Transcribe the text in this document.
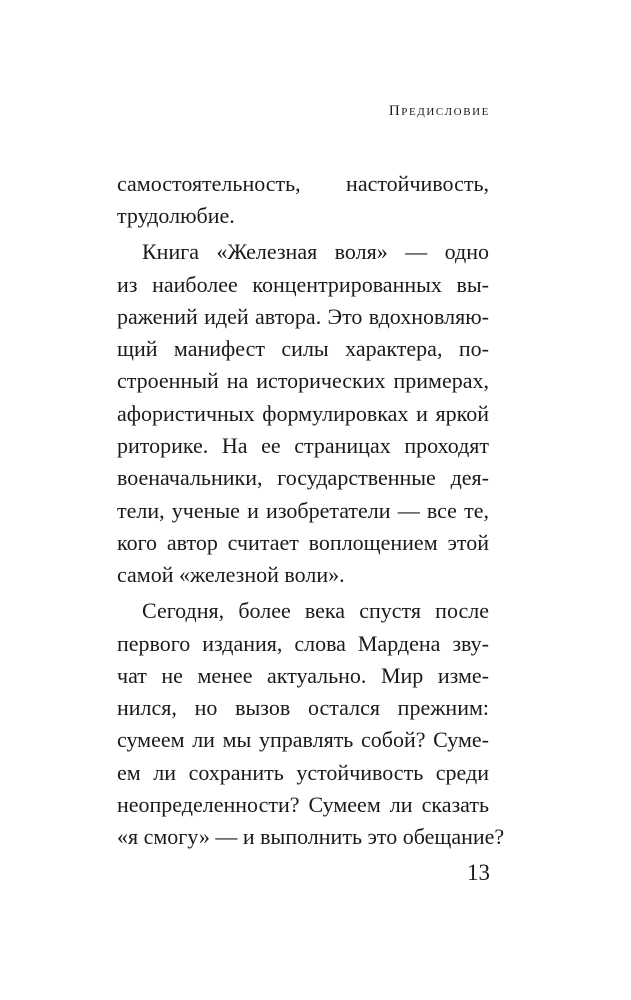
Предисловие
самостоятельность, настойчивость,
трудолюбие.
Книга «Железная воля» — одно
из наиболее концентрированных вы-
ражений идей автора. Это вдохновляю-
щий манифест силы характера, по-
строенный на исторических примерах,
афористичных формулировках и яркой
риторике. На ее страницах проходят
военачальники, государственные дея-
тели, ученые и изобретатели — все те,
кого автор считает воплощением этой
самой «железной воли».
Сегодня, более века спустя после
первого издания, слова Мардена зву-
чат не менее актуально. Мир изме-
нился, но вызов остался прежним:
сумеем ли мы управлять собой? Суме-
ем ли сохранить устойчивость среди
неопределенности? Сумеем ли сказать
«я смогу» — и выполнить это обещание?
13
